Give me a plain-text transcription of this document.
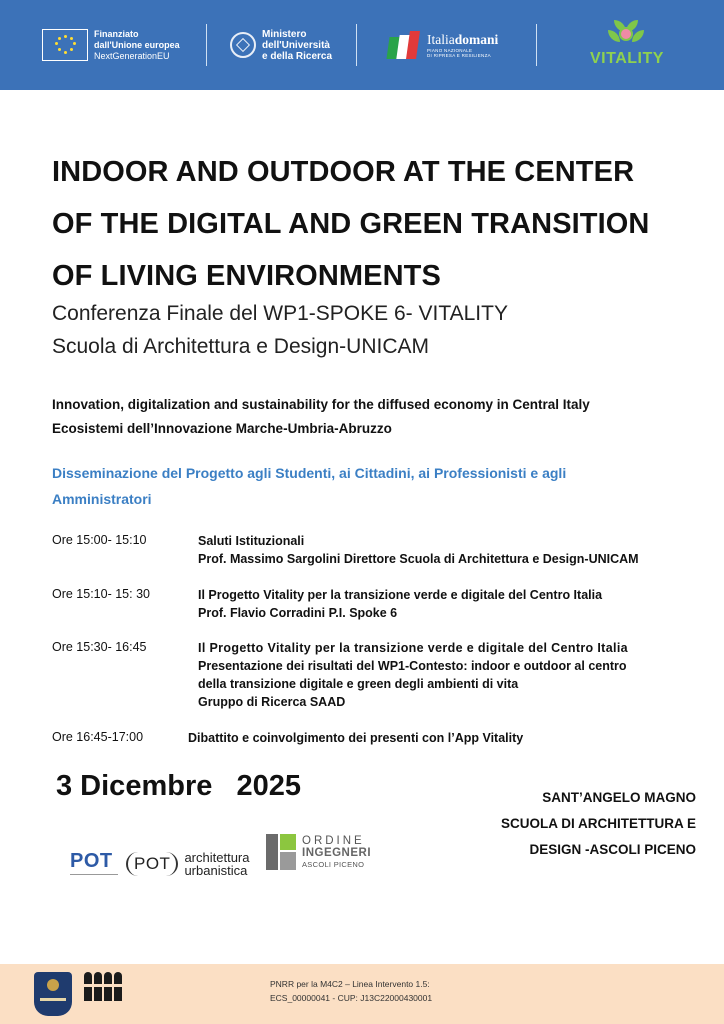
Finanziato
dall'Unione europea
NextGenerationEU
Ministero
dell'Università
e della Ricerca
Italiadomani
PIANO NAZIONALE
DI RIPRESA E RESILIENZA	VITALITY
INDOOR AND OUTDOOR AT THE CENTER
OF THE DIGITAL AND GREEN TRANSITION
OF LIVING ENVIRONMENTS
Conferenza Finale del WP1-SPOKE 6- VITALITY
Scuola di Architettura e Design-UNICAM
Innovation, digitalization and sustainability for the diffused economy in Central Italy
Ecosistemi dell’Innovazione Marche-Umbria-Abruzzo
Disseminazione del Progetto agli Studenti, ai Cittadini, ai Professionisti e agli
Amministratori
Ore 15:00- 15:10	Saluti Istituzionali
Prof. Massimo Sargolini Direttore Scuola di Architettura e Design-UNICAM
Ore 15:10- 15: 30	Il Progetto Vitality per la transizione verde e digitale del Centro Italia
Prof. Flavio Corradini P.I. Spoke 6
Ore 15:30- 16:45	Il Progetto Vitality per la transizione verde e digitale del Centro Italia
Presentazione dei risultati del WP1-Contesto: indoor e outdoor al centro
della transizione digitale e green degli ambienti di vita
Gruppo di Ricerca SAAD
Ore 16:45-17:00	Dibattito e coinvolgimento dei presenti con l’App Vitality
3 Dicembre 2025	SANT’ANGELO MAGNO
SCUOLA DI ARCHITETTURA E
DESIGN -ASCOLI PICENO
POT	POT	architettura
urbanistica
ORDINE
INGEGNERI
ASCOLI PICENO
PNRR per la M4C2 – Linea Intervento 1.5:
ECS_00000041 - CUP: J13C22000430001
